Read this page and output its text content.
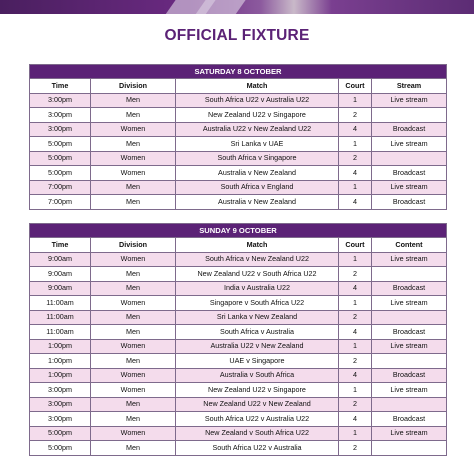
OFFICIAL FIXTURE
SATURDAY 8 OCTOBER				
Time	Division	Match	Court	Stream
3:00pm	Men	South Africa U22 v Australia U22	1	Live stream
3:00pm	Men	New Zealand U22 v Singapore	2	
3:00pm	Women	Australia U22 v New Zealand U22	4	Broadcast
5:00pm	Men	Sri Lanka v UAE	1	Live stream
5:00pm	Women	South Africa v Singapore	2	
5:00pm	Women	Australia v New Zealand	4	Broadcast
7:00pm	Men	South Africa v England	1	Live stream
7:00pm	Men	Australia v New Zealand	4	Broadcast
SUNDAY 9 OCTOBER				
Time	Division	Match	Court	Content
9:00am	Women	South Africa v New Zealand U22	1	Live stream
9:00am	Men	New Zealand U22 v South Africa U22	2	
9:00am	Men	India v Australia U22	4	Broadcast
11:00am	Women	Singapore v South Africa U22	1	Live stream
11:00am	Men	Sri Lanka v New Zealand	2	
11:00am	Men	South Africa v Australia	4	Broadcast
1:00pm	Women	Australia U22 v New Zealand	1	Live stream
1:00pm	Men	UAE v Singapore	2	
1:00pm	Women	Australia v South Africa	4	Broadcast
3:00pm	Women	New Zealand U22 v Singapore	1	Live stream
3:00pm	Men	New Zealand U22 v New Zealand	2	
3:00pm	Men	South Africa U22 v Australia U22	4	Broadcast
5:00pm	Women	New Zealand v South Africa U22	1	Live stream
5:00pm	Men	South Africa U22 v Australia	2	
